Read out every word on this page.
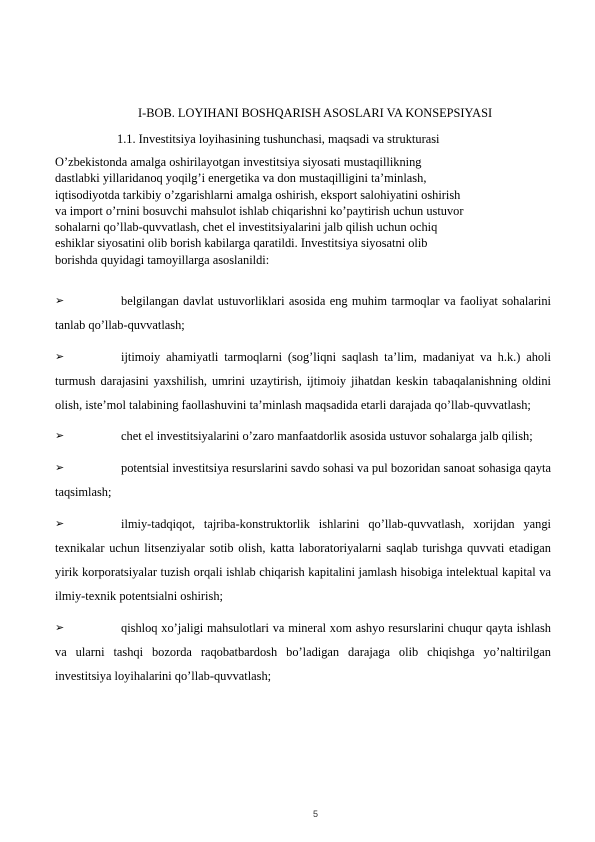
I-BOB. LOYIHANI BOSHQARISH ASOSLARI VA KONSEPSIYASI
1.1. Investitsiya loyihasining tushunchasi, maqsadi va strukturasi

O’zbekistonda amalga oshirilayotgan investitsiya siyosati mustaqillikning

dastlabki yillaridanoq yoqilg’i energetika va don mustaqilligini ta’minlash,

iqtisodiyotda tarkibiy o’zgarishlarni amalga oshirish, eksport salohiyatini oshirish

va import o’rnini bosuvchi mahsulot ishlab chiqarishni ko’paytirish uchun ustuvor

sohalarni qo’llab-quvvatlash, chet el investitsiyalarini jalb qilish uchun ochiq

eshiklar siyosatini olib borish kabilarga qaratildi. Investitsiya siyosatni olib

borishda quyidagi tamoyillarga asoslanildi:

➢	belgilangan davlat ustuvorliklari asosida eng muhim tarmoqlar va faoliyat sohalarini tanlab qo’llab-quvvatlash;
➢	ijtimoiy ahamiyatli tarmoqlarni (sog’liqni saqlash ta’lim, madaniyat va h.k.) aholi turmush darajasini yaxshilish, umrini uzaytirish, ijtimoiy jihatdan keskin tabaqalanishning oldini olish, iste’mol talabining faollashuvini ta’minlash maqsadida etarli darajada qo’llab-quvvatlash;
➢	chet el investitsiyalarini o’zaro manfaatdorlik asosida ustuvor sohalarga jalb qilish;
➢	potentsial investitsiya resurslarini savdo sohasi va pul bozoridan sanoat sohasiga qayta taqsimlash;
➢	ilmiy-tadqiqot, tajriba-konstruktorlik ishlarini qo’llab-quvvatlash, xorijdan yangi texnikalar uchun litsenziyalar sotib olish, katta laboratoriyalarni saqlab turishga quvvati etadigan yirik korporatsiyalar tuzish orqali ishlab chiqarish kapitalini jamlash hisobiga intelektual kapital va ilmiy-texnik potentsialni oshirish;
➢	qishloq xo’jaligi mahsulotlari va mineral xom ashyo resurslarini chuqur qayta ishlash va ularni tashqi bozorda raqobatbardosh bo’ladigan darajaga olib chiqishga yo’naltirilgan investitsiya loyihalarini qo’llab-quvvatlash;
5
